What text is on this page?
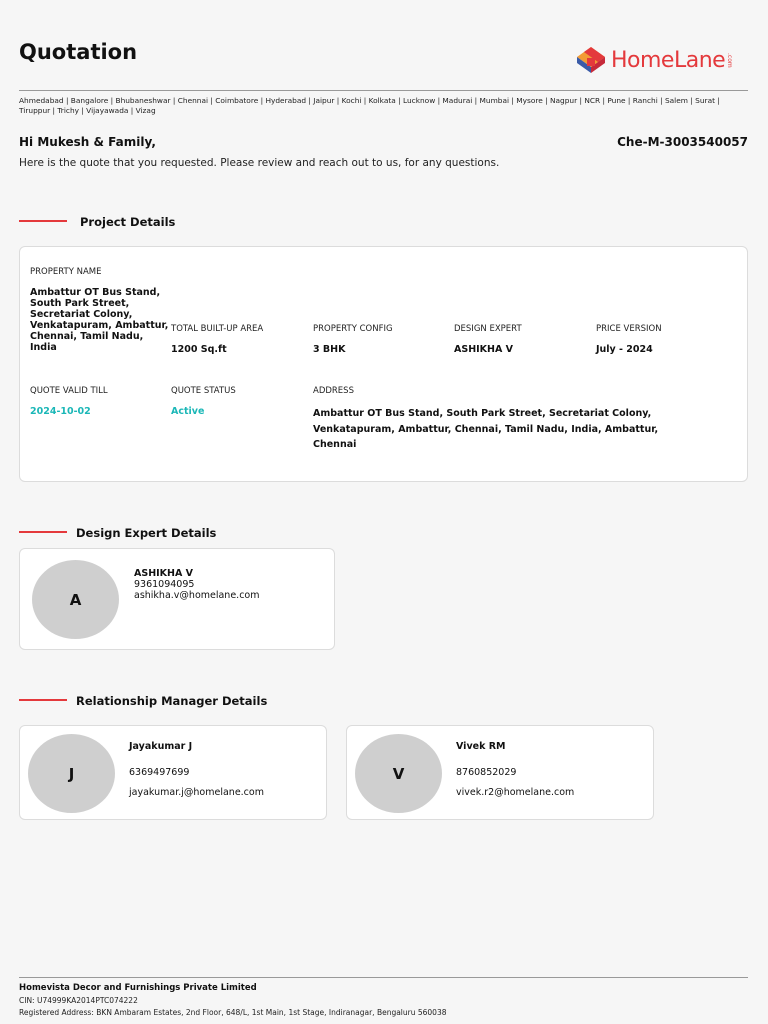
Quotation	HomeLane .com
Ahmedabad | Bangalore | Bhubaneshwar | Chennai | Coimbatore | Hyderabad | Jaipur | Kochi | Kolkata | Lucknow | Madurai | Mumbai | Mysore | Nagpur | NCR | Pune | Ranchi | Salem | Surat | Tiruppur | Trichy | Vijayawada | Vizag
Hi Mukesh & Family,	Che-M-3003540057
Here is the quote that you requested. Please review and reach out to us, for any questions.
Project Details
PROPERTY NAME
Ambattur OT Bus Stand, South Park Street, Secretariat Colony, Venkatapuram, Ambattur, Chennai, Tamil Nadu, India
TOTAL BUILT-UP AREA
1200 Sq.ft
PROPERTY CONFIG
3 BHK
DESIGN EXPERT
ASHIKHA V
PRICE VERSION
July - 2024
QUOTE VALID TILL
2024-10-02
QUOTE STATUS
Active
ADDRESS
Ambattur OT Bus Stand, South Park Street, Secretariat Colony, Venkatapuram, Ambattur, Chennai, Tamil Nadu, India, Ambattur, Chennai
Design Expert Details
A
ASHIKHA V
9361094095
ashikha.v@homelane.com
Relationship Manager Details
J
Jayakumar J
6369497699
jayakumar.j@homelane.com
V
Vivek RM
8760852029
vivek.r2@homelane.com
Homevista Decor and Furnishings Private Limited
CIN: U74999KA2014PTC074222
Registered Address: BKN Ambaram Estates, 2nd Floor, 648/L, 1st Main, 1st Stage, Indiranagar, Bengaluru 560038
